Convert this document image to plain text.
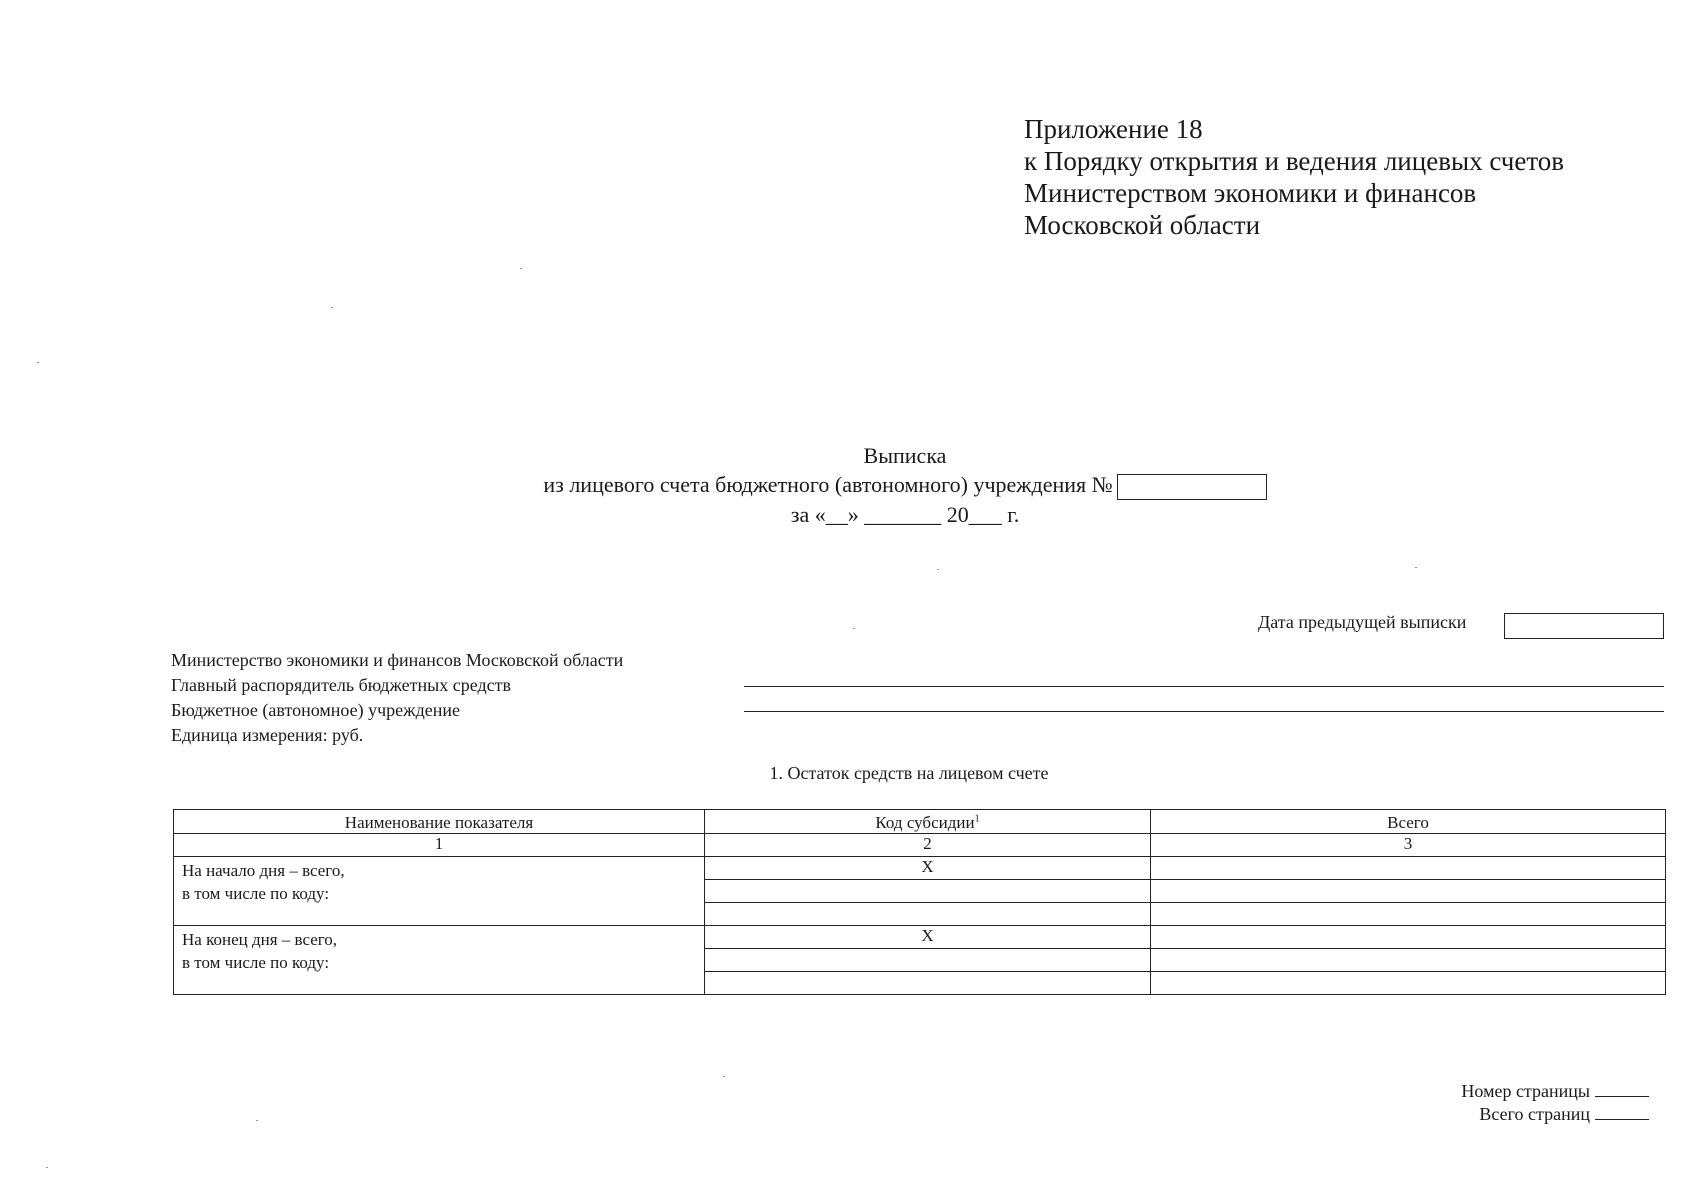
Приложение 18
к Порядку открытия и ведения лицевых счетов
Министерством экономики и финансов
Московской области
Выписка
из лицевого счета бюджетного (автономного) учреждения №
за «__» _______ 20___ г.
Дата предыдущей выписки
Министерство экономики и финансов Московской области
Главный распорядитель бюджетных средств
Бюджетное (автономное) учреждение
Единица измерения: руб.
1. Остаток средств на лицевом счете
Наименование показателя	Код субсидии$^1$	Всего
1	2	3

На начало дня – всего,
в том числе по коду:	Х	

На конец дня – всего,
в том числе по коду:	Х	

Номер страницы
Всего страниц
